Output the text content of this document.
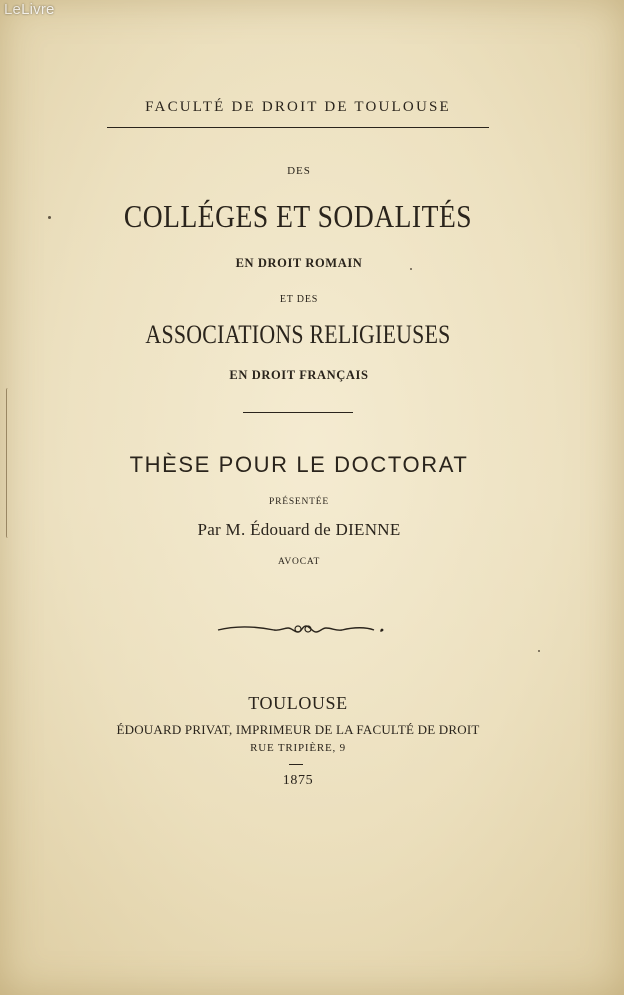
LeLivre
FACULTÉ DE DROIT DE TOULOUSE
DES
COLLÉGES ET SODALITÉS
EN DROIT ROMAIN
ET DES
ASSOCIATIONS RELIGIEUSES
EN DROIT FRANÇAIS
THÈSE POUR LE DOCTORAT
PRÉSENTÉE
Par M. Édouard de DIENNE
AVOCAT
TOULOUSE
ÉDOUARD PRIVAT, IMPRIMEUR DE LA FACULTÉ DE DROIT
RUE TRIPIÈRE, 9
1875
